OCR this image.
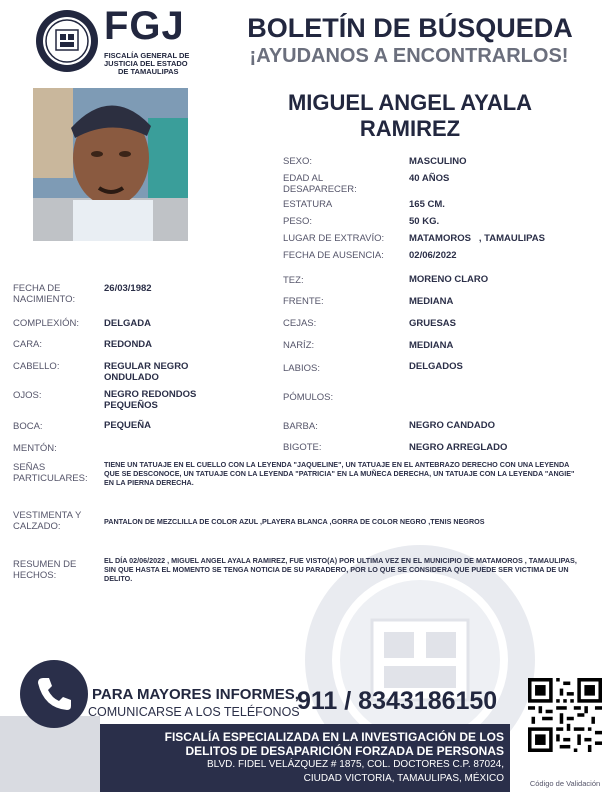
FGJ
FISCALÍA GENERAL DE
JUSTICIA DEL ESTADO
DE TAMAULIPAS
BOLETÍN DE BÚSQUEDA
¡AYUDANOS A ENCONTRARLOS!
MIGUEL ANGEL AYALA
RAMIREZ
SEXO:	MASCULINO
EDAD AL DESAPARECER:
40 AÑOS
ESTATURA	165 CM.
PESO:	50 KG.
LUGAR DE EXTRAVÍO:	MATAMOROS   , TAMAULIPAS
FECHA DE AUSENCIA:	02/06/2022
FECHA DE NACIMIENTO:
26/03/1982
COMPLEXIÓN:	DELGADA
CARA:	REDONDA
CABELLO:	REGULAR NEGRO ONDULADO
OJOS:	NEGRO REDONDOS PEQUEÑOS
BOCA:	PEQUEÑA
MENTÓN:
TEZ:	MORENO CLARO
FRENTE:	MEDIANA
CEJAS:	GRUESAS
NARÍZ:	MEDIANA
LABIOS:	DELGADOS
PÓMULOS:
BARBA:	NEGRO CANDADO
BIGOTE:	NEGRO ARREGLADO
SEÑAS PARTICULARES:
TIENE UN TATUAJE EN EL CUELLO CON LA LEYENDA "JAQUELINE", UN TATUAJE EN EL ANTEBRAZO DERECHO CON UNA LEYENDA QUE SE DESCONOCE, UN TATUAJE CON LA LEYENDA "PATRICIA" EN LA MUÑECA DERECHA, UN TATUAJE CON LA LEYENDA "ANGIE" EN LA PIERNA DERECHA.
VESTIMENTA Y CALZADO:	PANTALON DE MEZCLILLA DE COLOR AZUL ,PLAYERA BLANCA ,GORRA DE COLOR NEGRO ,TENIS NEGROS
RESUMEN DE HECHOS:
EL DÍA 02/06/2022 , MIGUEL ANGEL AYALA RAMIREZ, FUE VISTO(A) POR ULTIMA VEZ EN EL MUNICIPIO DE MATAMOROS , TAMAULIPAS, SIN QUE HASTA EL MOMENTO SE TENGA NOTICIA DE SU PARADERO, POR LO QUE SE CONSIDERA QUE PUEDE SER VICTIMA DE UN DELITO.
PARA MAYORES INFORMES,
COMUNICARSE A LOS TELÉFONOS
911 / 8343186150
FISCALÍA ESPECIALIZADA EN LA INVESTIGACIÓN DE LOS
DELITOS DE DESAPARICIÓN FORZADA DE PERSONAS
BLVD. FIDEL VELÁZQUEZ # 1875, COL. DOCTORES C.P. 87024,
CIUDAD VICTORIA, TAMAULIPAS, MÉXICO	Código de Validación
